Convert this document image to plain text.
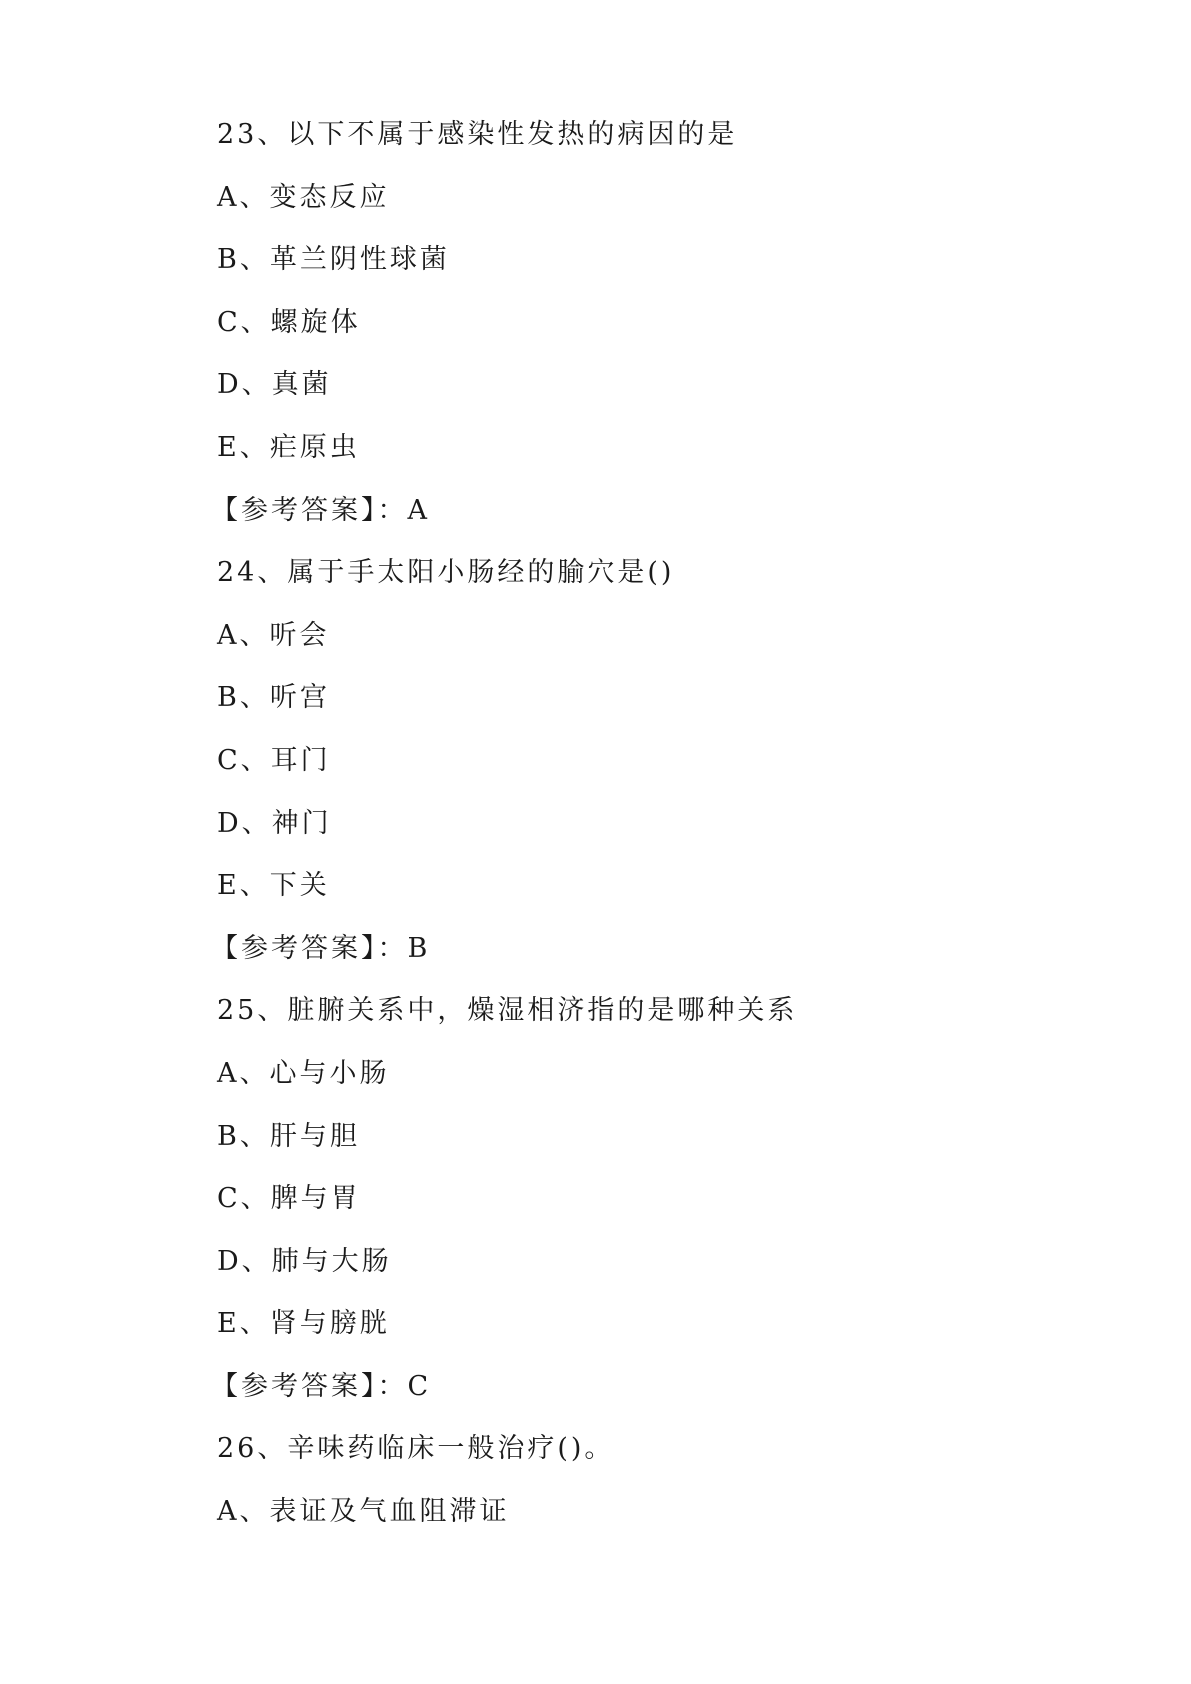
23、以下不属于感染性发热的病因的是
A、变态反应
B、革兰阴性球菌
C、螺旋体
D、真菌
E、疟原虫
【参考答案】：A
24、属于手太阳小肠经的腧穴是()
A、听会
B、听宫
C、耳门
D、神门
E、下关
【参考答案】：B
25、脏腑关系中，燥湿相济指的是哪种关系
A、心与小肠
B、肝与胆
C、脾与胃
D、肺与大肠
E、肾与膀胱
【参考答案】：C
26、辛味药临床一般治疗()。
A、表证及气血阻滞证
